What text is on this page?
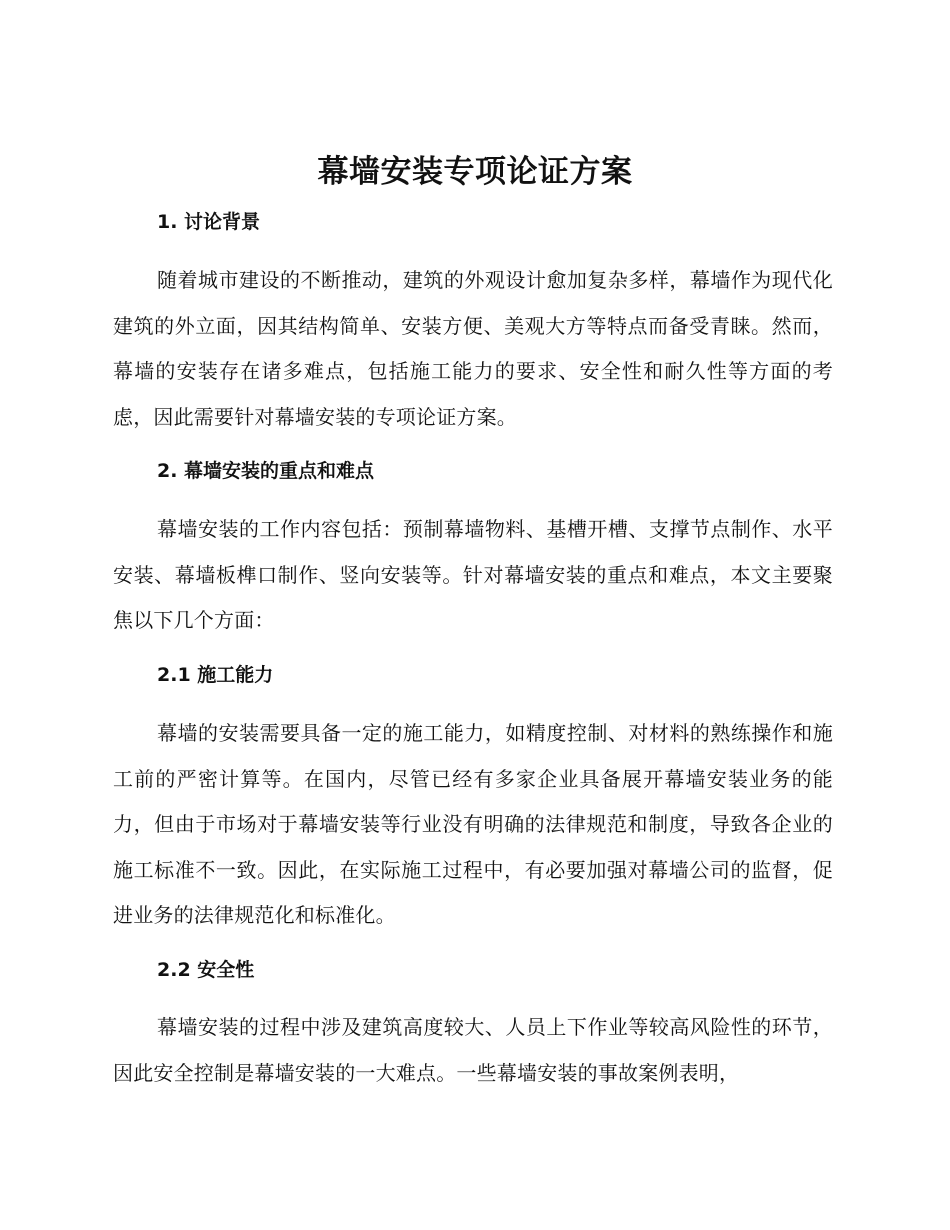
幕墙安装专项论证方案
1. 讨论背景
随着城市建设的不断推动，建筑的外观设计愈加复杂多样，幕墙作为现代化建筑的外立面，因其结构简单、安装方便、美观大方等特点而备受青睐。然而，幕墙的安装存在诸多难点，包括施工能力的要求、安全性和耐久性等方面的考虑，因此需要针对幕墙安装的专项论证方案。
2. 幕墙安装的重点和难点
幕墙安装的工作内容包括：预制幕墙物料、基槽开槽、支撑节点制作、水平安装、幕墙板榫口制作、竖向安装等。针对幕墙安装的重点和难点，本文主要聚焦以下几个方面：
2.1 施工能力
幕墙的安装需要具备一定的施工能力，如精度控制、对材料的熟练操作和施工前的严密计算等。在国内，尽管已经有多家企业具备展开幕墙安装业务的能力，但由于市场对于幕墙安装等行业没有明确的法律规范和制度，导致各企业的施工标准不一致。因此，在实际施工过程中，有必要加强对幕墙公司的监督，促进业务的法律规范化和标准化。
2.2 安全性
幕墙安装的过程中涉及建筑高度较大、人员上下作业等较高风险性的环节，因此安全控制是幕墙安装的一大难点。一些幕墙安装的事故案例表明，
